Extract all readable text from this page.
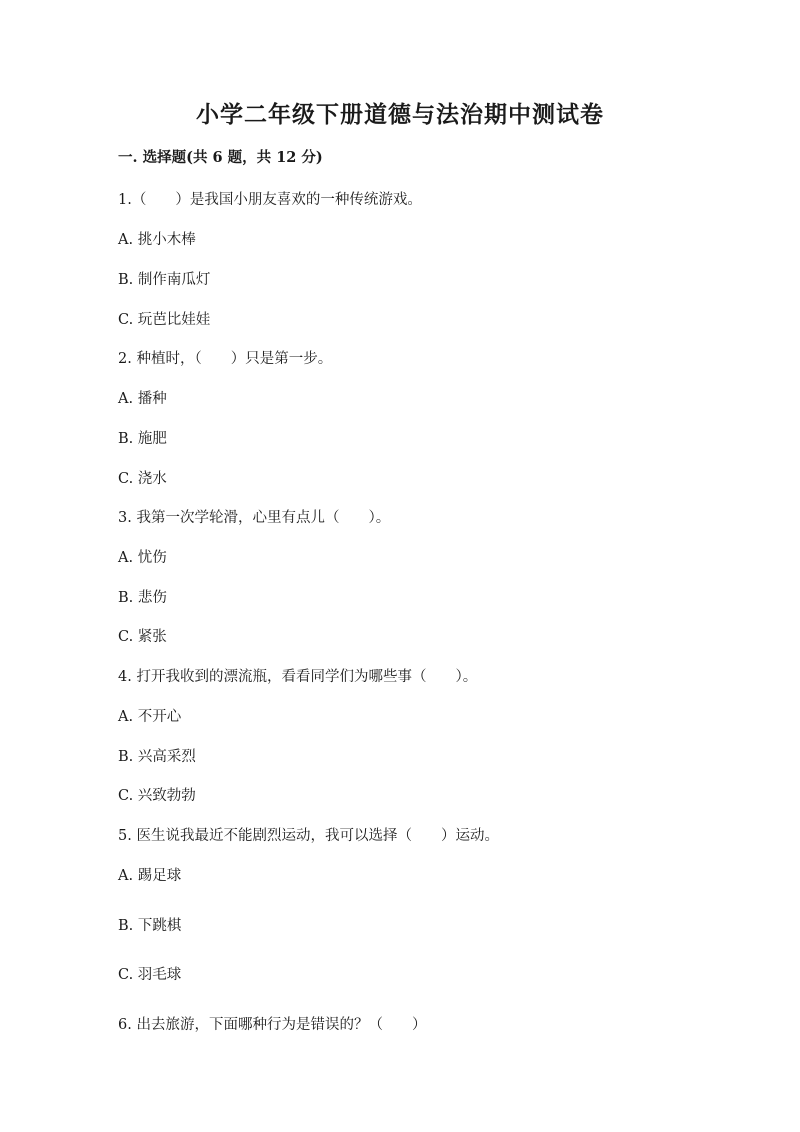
小学二年级下册道德与法治期中测试卷
一. 选择题(共 6 题，共 12 分)
1.（　　）是我国小朋友喜欢的一种传统游戏。
A. 挑小木棒
B. 制作南瓜灯
C. 玩芭比娃娃
2. 种植时，（　　）只是第一步。
A. 播种
B. 施肥
C. 浇水
3. 我第一次学轮滑，心里有点儿（　　）。
A. 忧伤
B. 悲伤
C. 紧张
4. 打开我收到的漂流瓶，看看同学们为哪些事（　　）。
A. 不开心
B. 兴高采烈
C. 兴致勃勃
5. 医生说我最近不能剧烈运动，我可以选择（　　）运动。
A. 踢足球
B. 下跳棋
C. 羽毛球
6. 出去旅游，下面哪种行为是错误的？（　　）
